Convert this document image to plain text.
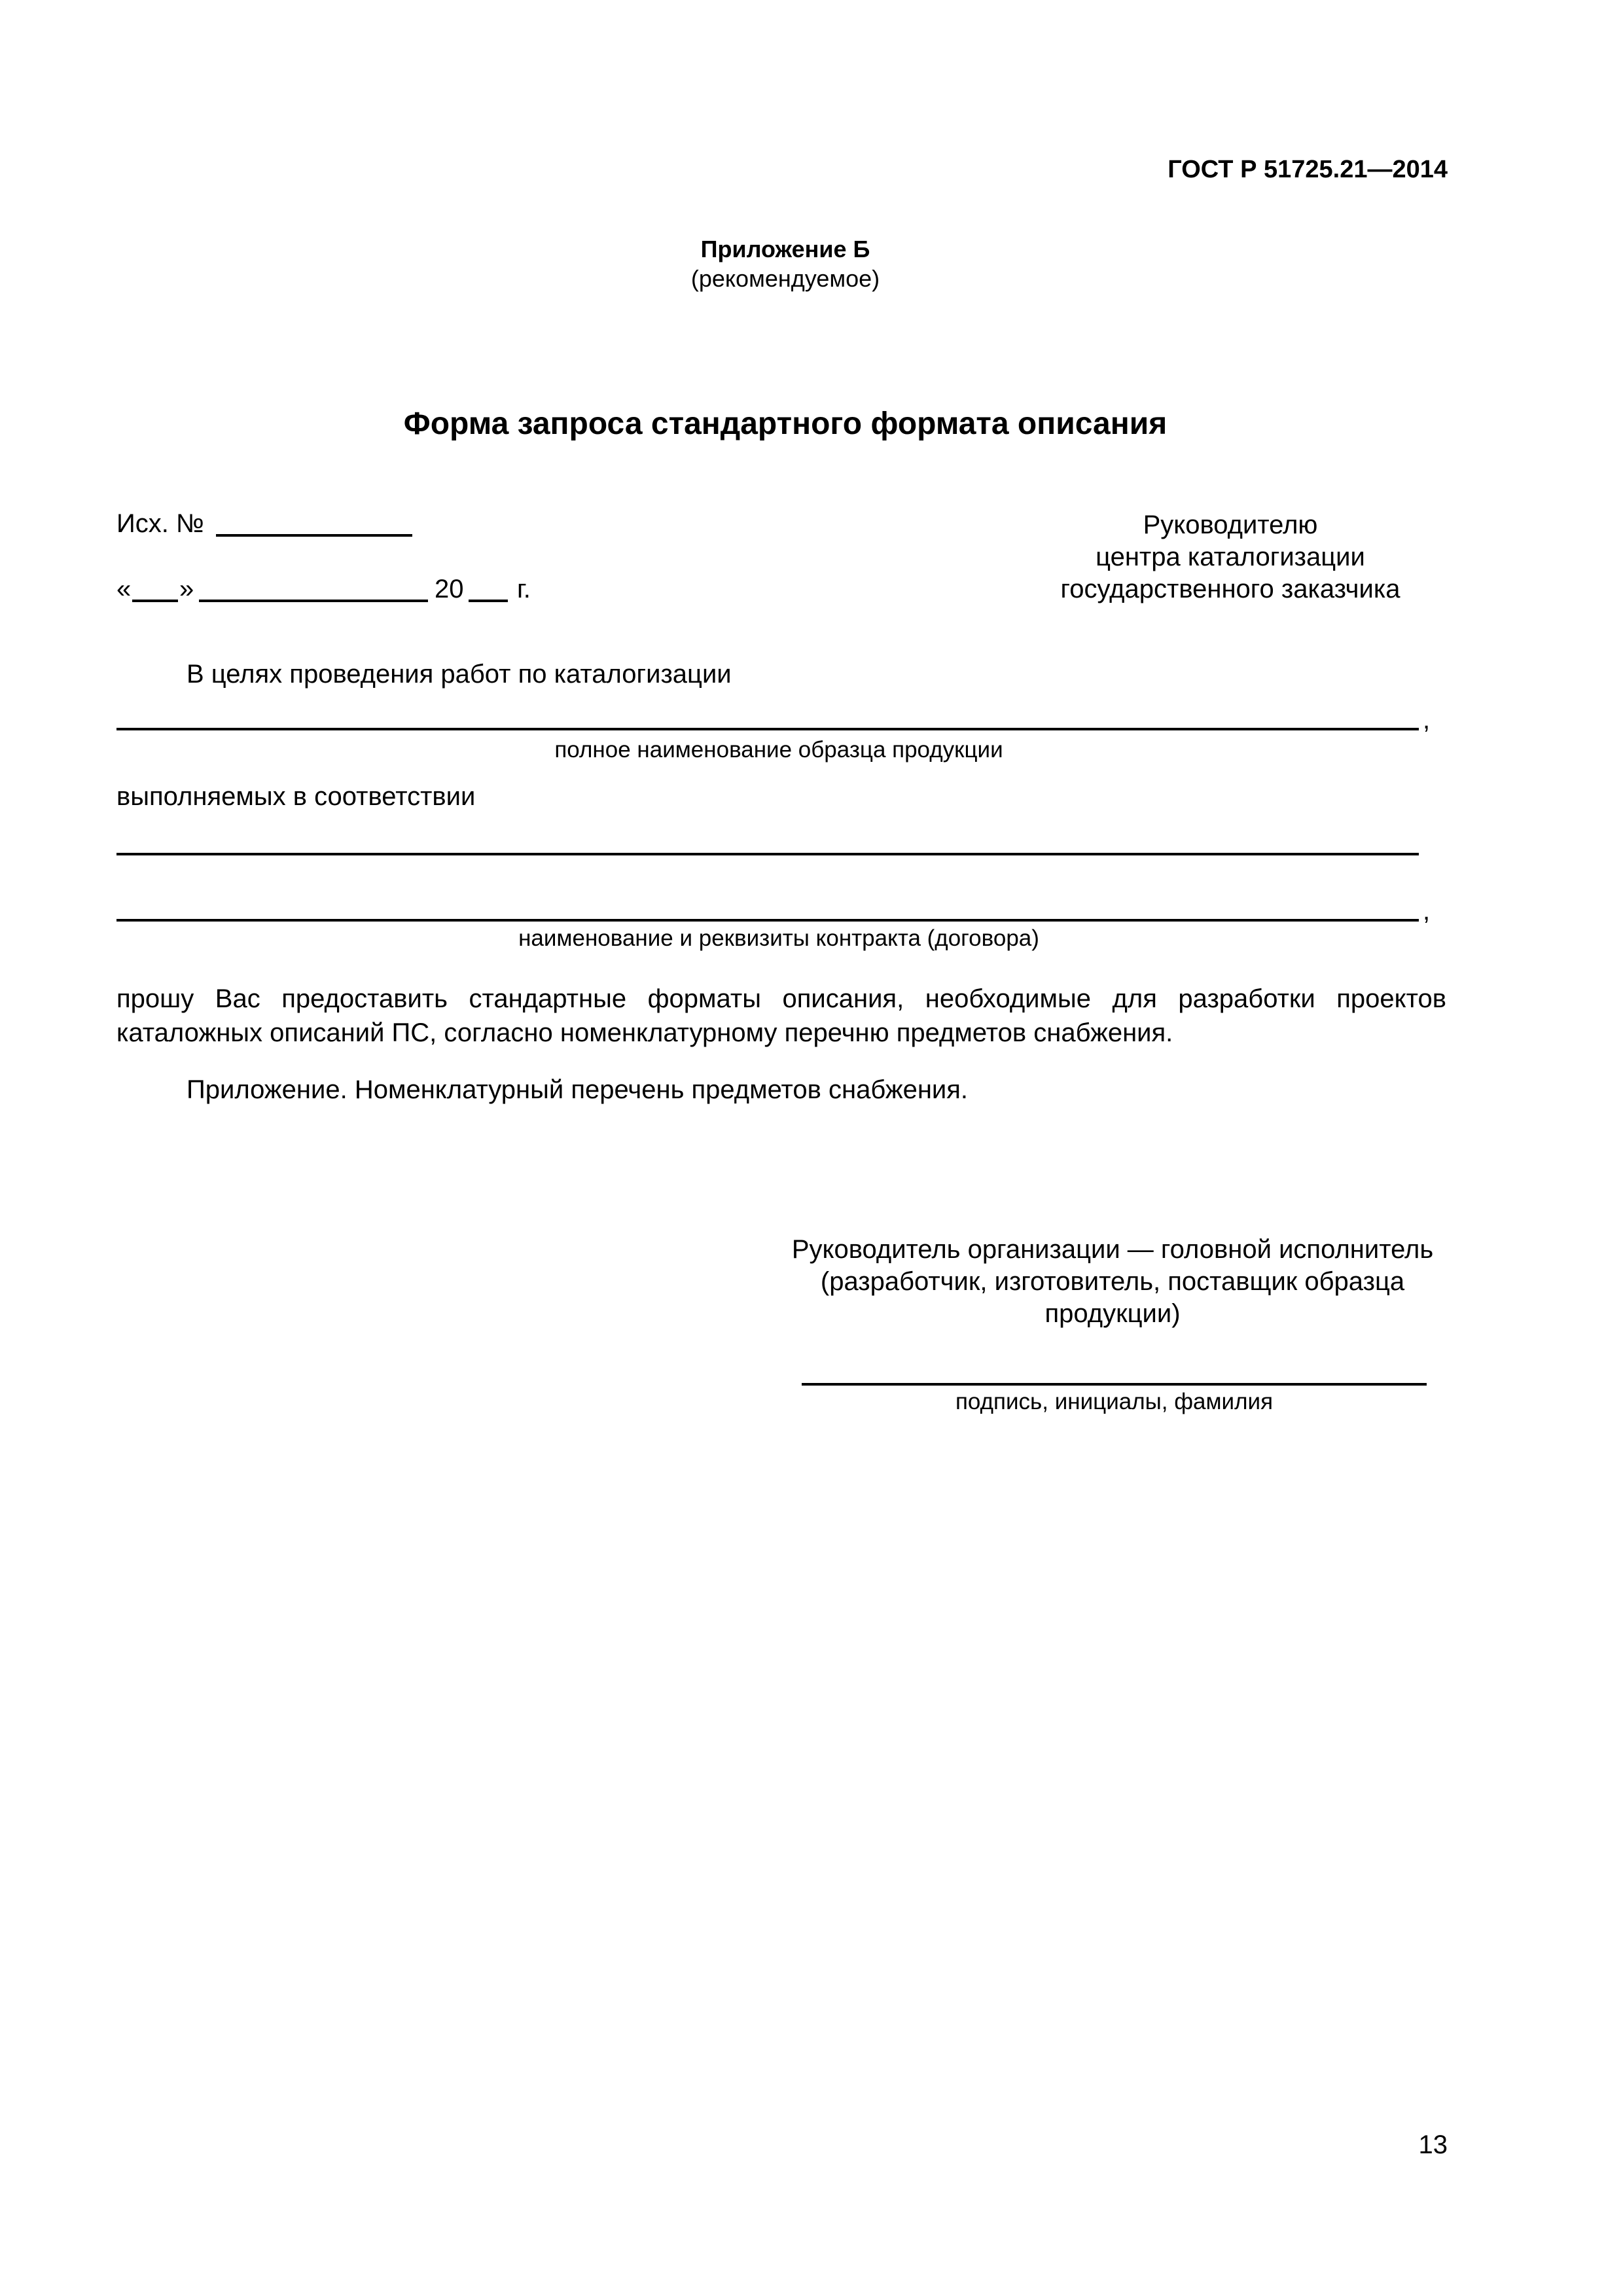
ГОСТ Р 51725.21—2014
Приложение Б
(рекомендуемое)
Форма запроса стандартного формата описания
Исх. №
« »	20 г.
Руководителю
центра каталогизации
государственного заказчика
В целях проведения работ по каталогизации
,
полное наименование образца продукции
выполняемых в соответствии
,
наименование и реквизиты контракта (договора)
прошу Вас предоставить стандартные форматы описания, необходимые для разработки проектов каталожных описаний ПС, согласно номенклатурному перечню предметов снабжения.
Приложение. Номенклатурный перечень предметов снабжения.
Руководитель организации — головной исполнитель
(разработчик, изготовитель, поставщик образца
продукции)
подпись, инициалы, фамилия
13
